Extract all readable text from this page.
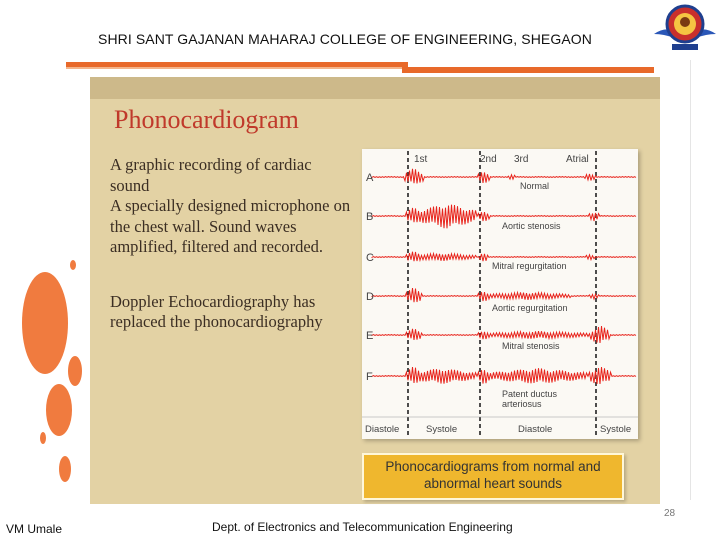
SHRI SANT GAJANAN MAHARAJ COLLEGE OF ENGINEERING, SHEGAON
Phonocardiogram

A graphic recording of cardiac sound

A specially designed microphone on the chest wall. Sound waves amplified, filtered and recorded.

Doppler Echocardiography has replaced the phonocardiography

1st	2nd 3rd	Atrial
A
B
C
D
E
F
Normal
Aortic stenosis
Mitral regurgitation
Aortic regurgitation
Mitral stenosis
Patent ductus arteriosus
Diastole	Systole	Diastole	Systole
Phonocardiograms from normal and abnormal heart sounds
VM Umale	Dept. of Electronics and Telecommunication Engineering
28
